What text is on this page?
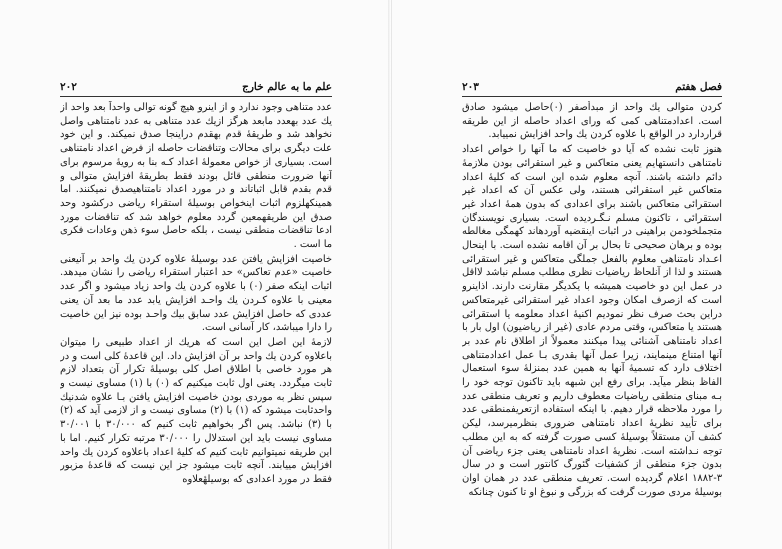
علم ما به عالم خارج
۲۰۲

عدد متناهی وجود ندارد و از اینرو هیچ گونه توالی واحداً بعد واحد از یك عدد بهعدد مابعد هرگز ازیك عدد متناهی به عدد نامتناهی واصل نخواهد شد و طریقهٔ قدم بهقدم دراینجا صدق نمیکند. و این خود علت دیگری برای محالات وتناقضات حاصله از فرض اعداد نامتناهی است. بسیاری از خواص معمولهٔ اعداد کـه بنا به رویهٔ مرسوم برای آنها ضرورت منطقی قائل بودند فقط بطریقهٔ افزایش متوالی و قدم بقدم قابل اثباتاند و در مورد اعداد نامتناهیصدق نمیکنند. اما همینکهلزوم اثبات اینخواص بوسیلهٔ استقراء ریاضی دركشود وحد صدق این طریقهمعین گردد معلوم خواهد شد که تناقضات مورد ادعا تناقضات منطقی نیست ، بلکه حاصل سوء ذهن وعادات فکری ما است .

خاصیت افزایش یافتن عدد بوسیلهٔ علاوه کردن یك واحد بر آنیعنی خاصیت «عدم تعاکس» حد اعتبار استقراء ریاضی را نشان میدهد. اثبات اینکه صفر (۰) با علاوه کردن یك واحد زیاد میشود و اگر عدد معینی با علاوه کـردن یك واحـد افزایش یابد عدد ما بعد آن یعنی عددی که حاصل افزایش عدد سابق بیك واحـد بوده نیز این خاصیت را دارا میباشد، کار آسانی است.

لازمهٔ این اصل این است که هریك از اعداد طبیعی را میتوان باعلاوه کردن یك واحد بر آن افزایش داد. این قاعدهٔ کلی است و در هر مورد خاصی با اطلاق اصل کلی بوسیلهٔ تکرار آن بتعداد لازم ثابت میگردد. یعنی اول ثابت میکنیم که (۰) با (۱) مساوی نیست و سپس نظر به موردی بودن خاصیت افزایش یافتن بـا علاوه شدنیك واحدثابت میشود که (۱) با (۲) مساوی نیست و از لازمی آید که (۲) با (۳) نباشد. پس اگر بخواهیم ثابت کنیم که ۳۰/۰۰۰ با ۳۰/۰۰۱ مساوی نیست باید این استدلال را ۳۰/۰۰۰ مرتبه تکرار کنیم. اما با این طریقه نمیتوانیم ثابت کنیم که کلیهٔ اعداد باعلاوه کردن یك واحد افزایش مییابند. آنچه ثابت میشود جز این نیست که قاعدهٔ مزبور فقط در مورد اعدادی که بوسیلهٔعلاوه

فصل هفتم
۲۰۳

کردن متوالی یك واحد از مبدأصفر (۰)حاصل میشود صادق است. اعدادمتناهی کمی که ورای اعداد حاصله از این طریقه قراردارد در الواقع با علاوه کردن یك واحد افزایش نمییابد.

هنوز ثابت نشده که آیا دو خاصیت که ما آنها را خواص اعداد نامتناهی دانستهایم یعنی متعاکس و غیر استقرائی بودن ملازمهٔ دائم داشته باشند. آنچه معلوم شده این است که کلیهٔ اعداد متعاکس غیر استقرائی هستند، ولی عکس آن که اعداد غیر استقرائی متعاکس باشند برای اعدادی که بدون همهٔ اعداد غیر استقرائی ، تاکنون مسلم نـگـردیده است. بسیاری نویسندگان متجملخودمن براهینی در اثبات اینقضیه آوردهاند کهمگی مغالطه بوده و برهان صحیحی تا بحال بر آن اقامه نشده است. با اینحال اعـداد نامتناهی معلوم بالفعل جملگی متعاکس و غیر استقرائی هستند و لذا از آنلحاظ ریاضیات نظری مطلب مسلم نباشد لااقل در عمل این دو خاصیت همیشه با یکدیگر مقارنت دارند. اذاینرو است که ازصرف امکان وجود اعداد غیر استقرائی غیرمتعاکس دراین بحث صرف نظر نمودیم اکنیهٔ اعداد معلومه یا استقرائی هستند یا متعاکس، وقتی مردم عادی (غیر از ریاضیون) اول بار با اعداد نامتناهی آشنائی پیدا میکنند معمولاً از اطلاق نام عدد بر آنها امتناع مینمایند، زیرا عمل آنها بقدری بـا عمل اعدادمتناهی اختلاف دارد که تسمیهٔ آنها به همین عدد بمنزلهٔ سوء استعمال الفاظ بنظر میآید. برای رفع این شبهه باید تاکنون توجه خود را بـه مبنای منطقی ریاضیات معطوف داریم و تعریف منطقی عدد را مورد ملاحظه قرار دهیم. با اینکه استفاده ازتعریفمنطقی عدد برای تأیید نظریهٔ اعداد نامتناهی ضروری بنظرمیرسد، لیکن کشف آن مستقلاً بوسیلهٔ کسی صورت گرفته که به این مطلب توجه نـداشته است. نظریهٔ اعداد نامتناهی یعنی جزء ریاضی آن بدون جزء منطقی از کشفیات گئورگ کانتور است و در سال ۳-۱۸۸۲ اعلام گردیده است. تعریف منطقی عدد در همان اوان بوسیلهٔ مردی صورت گرفت که بزرگی و نبوغ او تا کنون چنانکه
